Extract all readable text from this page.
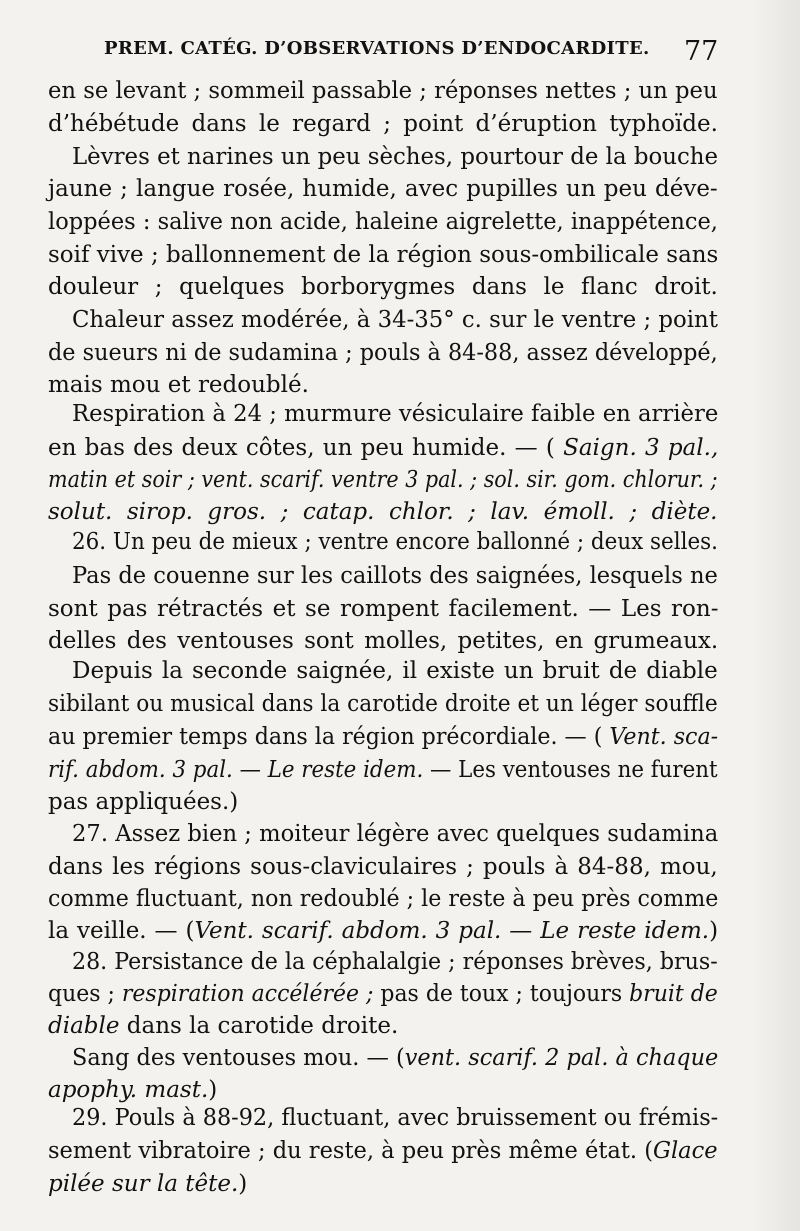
PREM. CATÉG. D’OBSERVATIONS D’ENDOCARDITE. 77
en se levant ; sommeil passable ; réponses nettes ; un peu
d’hébétude dans le regard ; point d’éruption typhoïde.
Lèvres et narines un peu sèches, pourtour de la bouche
jaune ; langue rosée, humide, avec pupilles un peu déve-
loppées : salive non acide, haleine aigrelette, inappétence,
soif vive ; ballonnement de la région sous-ombilicale sans
douleur ; quelques borborygmes dans le flanc droit.
Chaleur assez modérée, à 34-35° c. sur le ventre ; point
de sueurs ni de sudamina ; pouls à 84-88, assez développé,
mais mou et redoublé.
Respiration à 24 ; murmure vésiculaire faible en arrière
en bas des deux côtes, un peu humide. — ( Saign. 3 pal.,
matin et soir ; vent. scarif. ventre 3 pal. ; sol. sir. gom. chlorur. ;
solut. sirop. gros. ; catap. chlor. ; lav. émoll. ; diète.
26. Un peu de mieux ; ventre encore ballonné ; deux selles.
Pas de couenne sur les caillots des saignées, lesquels ne
sont pas rétractés et se rompent facilement. — Les ron-
delles des ventouses sont molles, petites, en grumeaux.
Depuis la seconde saignée, il existe un bruit de diable
sibilant ou musical dans la carotide droite et un léger souffle
au premier temps dans la région précordiale. — ( Vent. sca-
rif. abdom. 3 pal. — Le reste idem. — Les ventouses ne furent
pas appliquées.)
27. Assez bien ; moiteur légère avec quelques sudamina
dans les régions sous-claviculaires ; pouls à 84-88, mou,
comme fluctuant, non redoublé ; le reste à peu près comme
la veille. — (Vent. scarif. abdom. 3 pal. — Le reste idem.)
28. Persistance de la céphalalgie ; réponses brèves, brus-
ques ; respiration accélérée ; pas de toux ; toujours bruit de
diable dans la carotide droite.
Sang des ventouses mou. — (vent. scarif. 2 pal. à chaque
apophy. mast.)
29. Pouls à 88-92, fluctuant, avec bruissement ou frémis-
sement vibratoire ; du reste, à peu près même état. (Glace
pilée sur la tête.)
